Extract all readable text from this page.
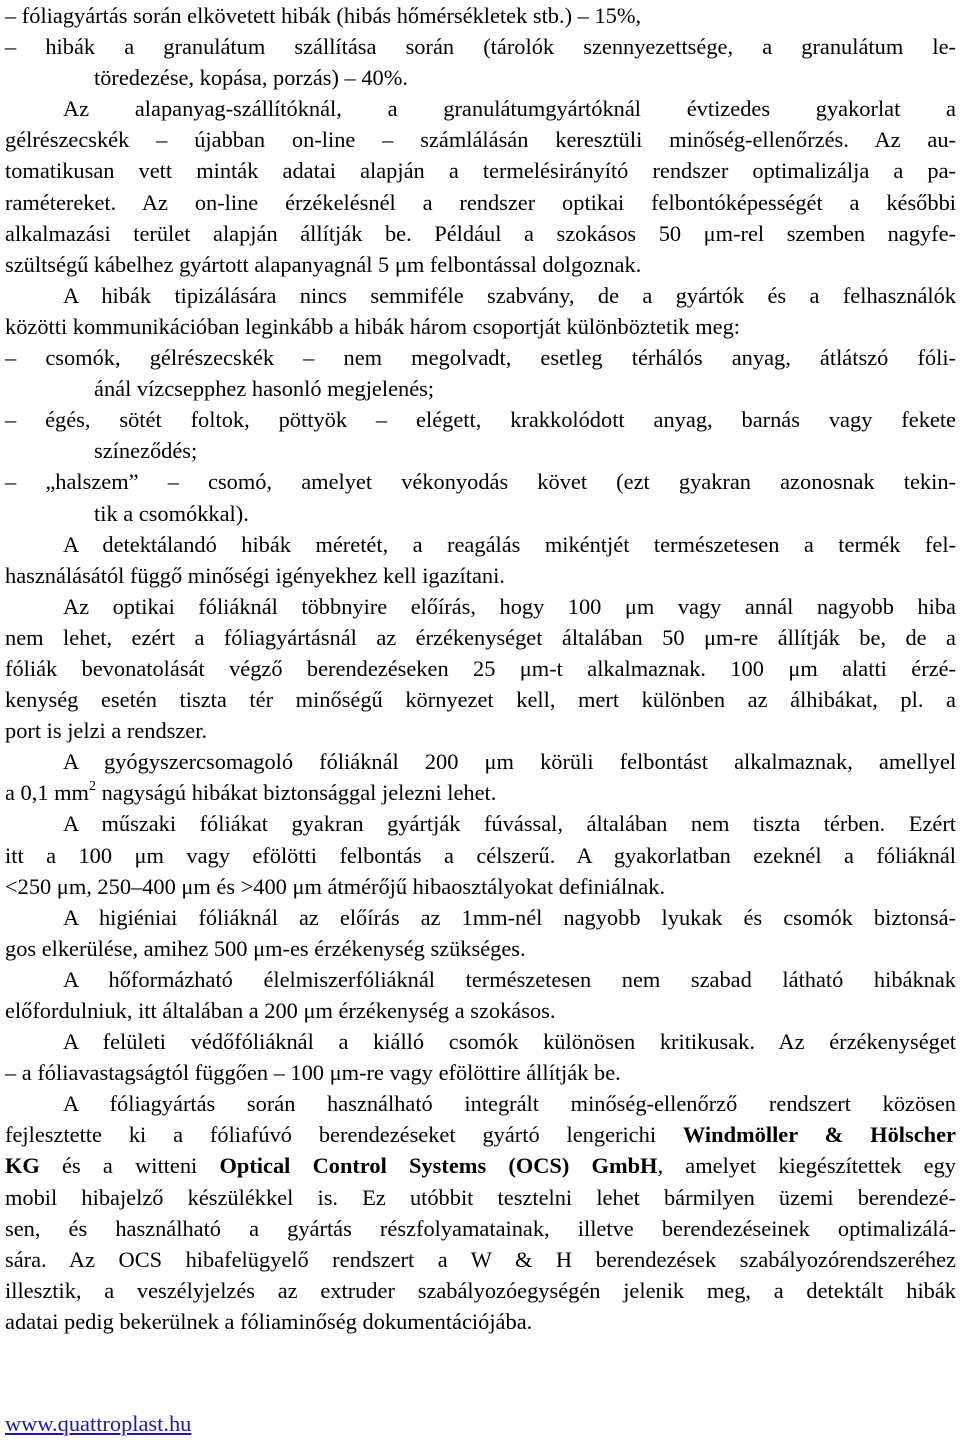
– fóliagyártás során elkövetett hibák (hibás hőmérsékletek stb.) – 15%,
– hibák a granulátum szállítása során (tárolók szennyezettsége, a granulátum le-
töredezése, kopása, porzás) – 40%.
Az alapanyag-szállítóknál, a granulátumgyártóknál évtizedes gyakorlat a
gélrészecskék – újabban on-line – számlálásán keresztüli minőség-ellenőrzés. Az au-
tomatikusan vett minták adatai alapján a termelésirányító rendszer optimalizálja a pa-
ramétereket. Az on-line érzékelésnél a rendszer optikai felbontóképességét a későbbi
alkalmazási terület alapján állítják be. Például a szokásos 50 μm-rel szemben nagyfe-
szültségű kábelhez gyártott alapanyagnál 5 μm felbontással dolgoznak.
A hibák tipizálására nincs semmiféle szabvány, de a gyártók és a felhasználók
közötti kommunikációban leginkább a hibák három csoportját különböztetik meg:
– csomók, gélrészecskék – nem megolvadt, esetleg térhálós anyag, átlátszó fóli-
ánál vízcsepphez hasonló megjelenés;
– égés, sötét foltok, pöttyök – elégett, krakkolódott anyag, barnás vagy fekete
színeződés;
– „halszem” – csomó, amelyet vékonyodás követ (ezt gyakran azonosnak tekin-
tik a csomókkal).
A detektálandó hibák méretét, a reagálás mikéntjét természetesen a termék fel-
használásától függő minőségi igényekhez kell igazítani.
Az optikai fóliáknál többnyire előírás, hogy 100 μm vagy annál nagyobb hiba
nem lehet, ezért a fóliagyártásnál az érzékenységet általában 50 μm-re állítják be, de a
fóliák bevonatolását végző berendezéseken 25 μm-t alkalmaznak. 100 μm alatti érzé-
kenység esetén tiszta tér minőségű környezet kell, mert különben az álhibákat, pl. a
port is jelzi a rendszer.
A gyógyszercsomagoló fóliáknál 200 μm körüli felbontást alkalmaznak, amellyel
a 0,1 $mm^2$ nagyságú hibákat biztonsággal jelezni lehet.
A műszaki fóliákat gyakran gyártják fúvással, általában nem tiszta térben. Ezért
itt a 100 μm vagy efölötti felbontás a célszerű. A gyakorlatban ezeknél a fóliáknál
<250 μm, 250–400 μm és >400 μm átmérőjű hibaosztályokat definiálnak.
A higiéniai fóliáknál az előírás az 1mm-nél nagyobb lyukak és csomók biztonsá-
gos elkerülése, amihez 500 μm-es érzékenység szükséges.
A hőformázható élelmiszerfóliáknál természetesen nem szabad látható hibáknak
előfordulniuk, itt általában a 200 μm érzékenység a szokásos.
A felületi védőfóliáknál a kiálló csomók különösen kritikusak. Az érzékenységet
– a fóliavastagságtól függően – 100 μm-re vagy efölöttire állítják be.
A fóliagyártás során használható integrált minőség-ellenőrző rendszert közösen
fejlesztette ki a fóliafúvó berendezéseket gyártó lengerichi Windmöller & Hölscher
KG és a witteni Optical Control Systems (OCS) GmbH, amelyet kiegészítettek egy
mobil hibajelző készülékkel is. Ez utóbbit tesztelni lehet bármilyen üzemi berendezé-
sen, és használható a gyártás részfolyamatainak, illetve berendezéseinek optimalizálá-
sára. Az OCS hibafelügyelő rendszert a W & H berendezések szabályozórendszeréhez
illesztik, a veszélyjelzés az extruder szabályozóegységén jelenik meg, a detektált hibák
adatai pedig bekerülnek a fóliaminőség dokumentációjába.
www.quattroplast.hu
